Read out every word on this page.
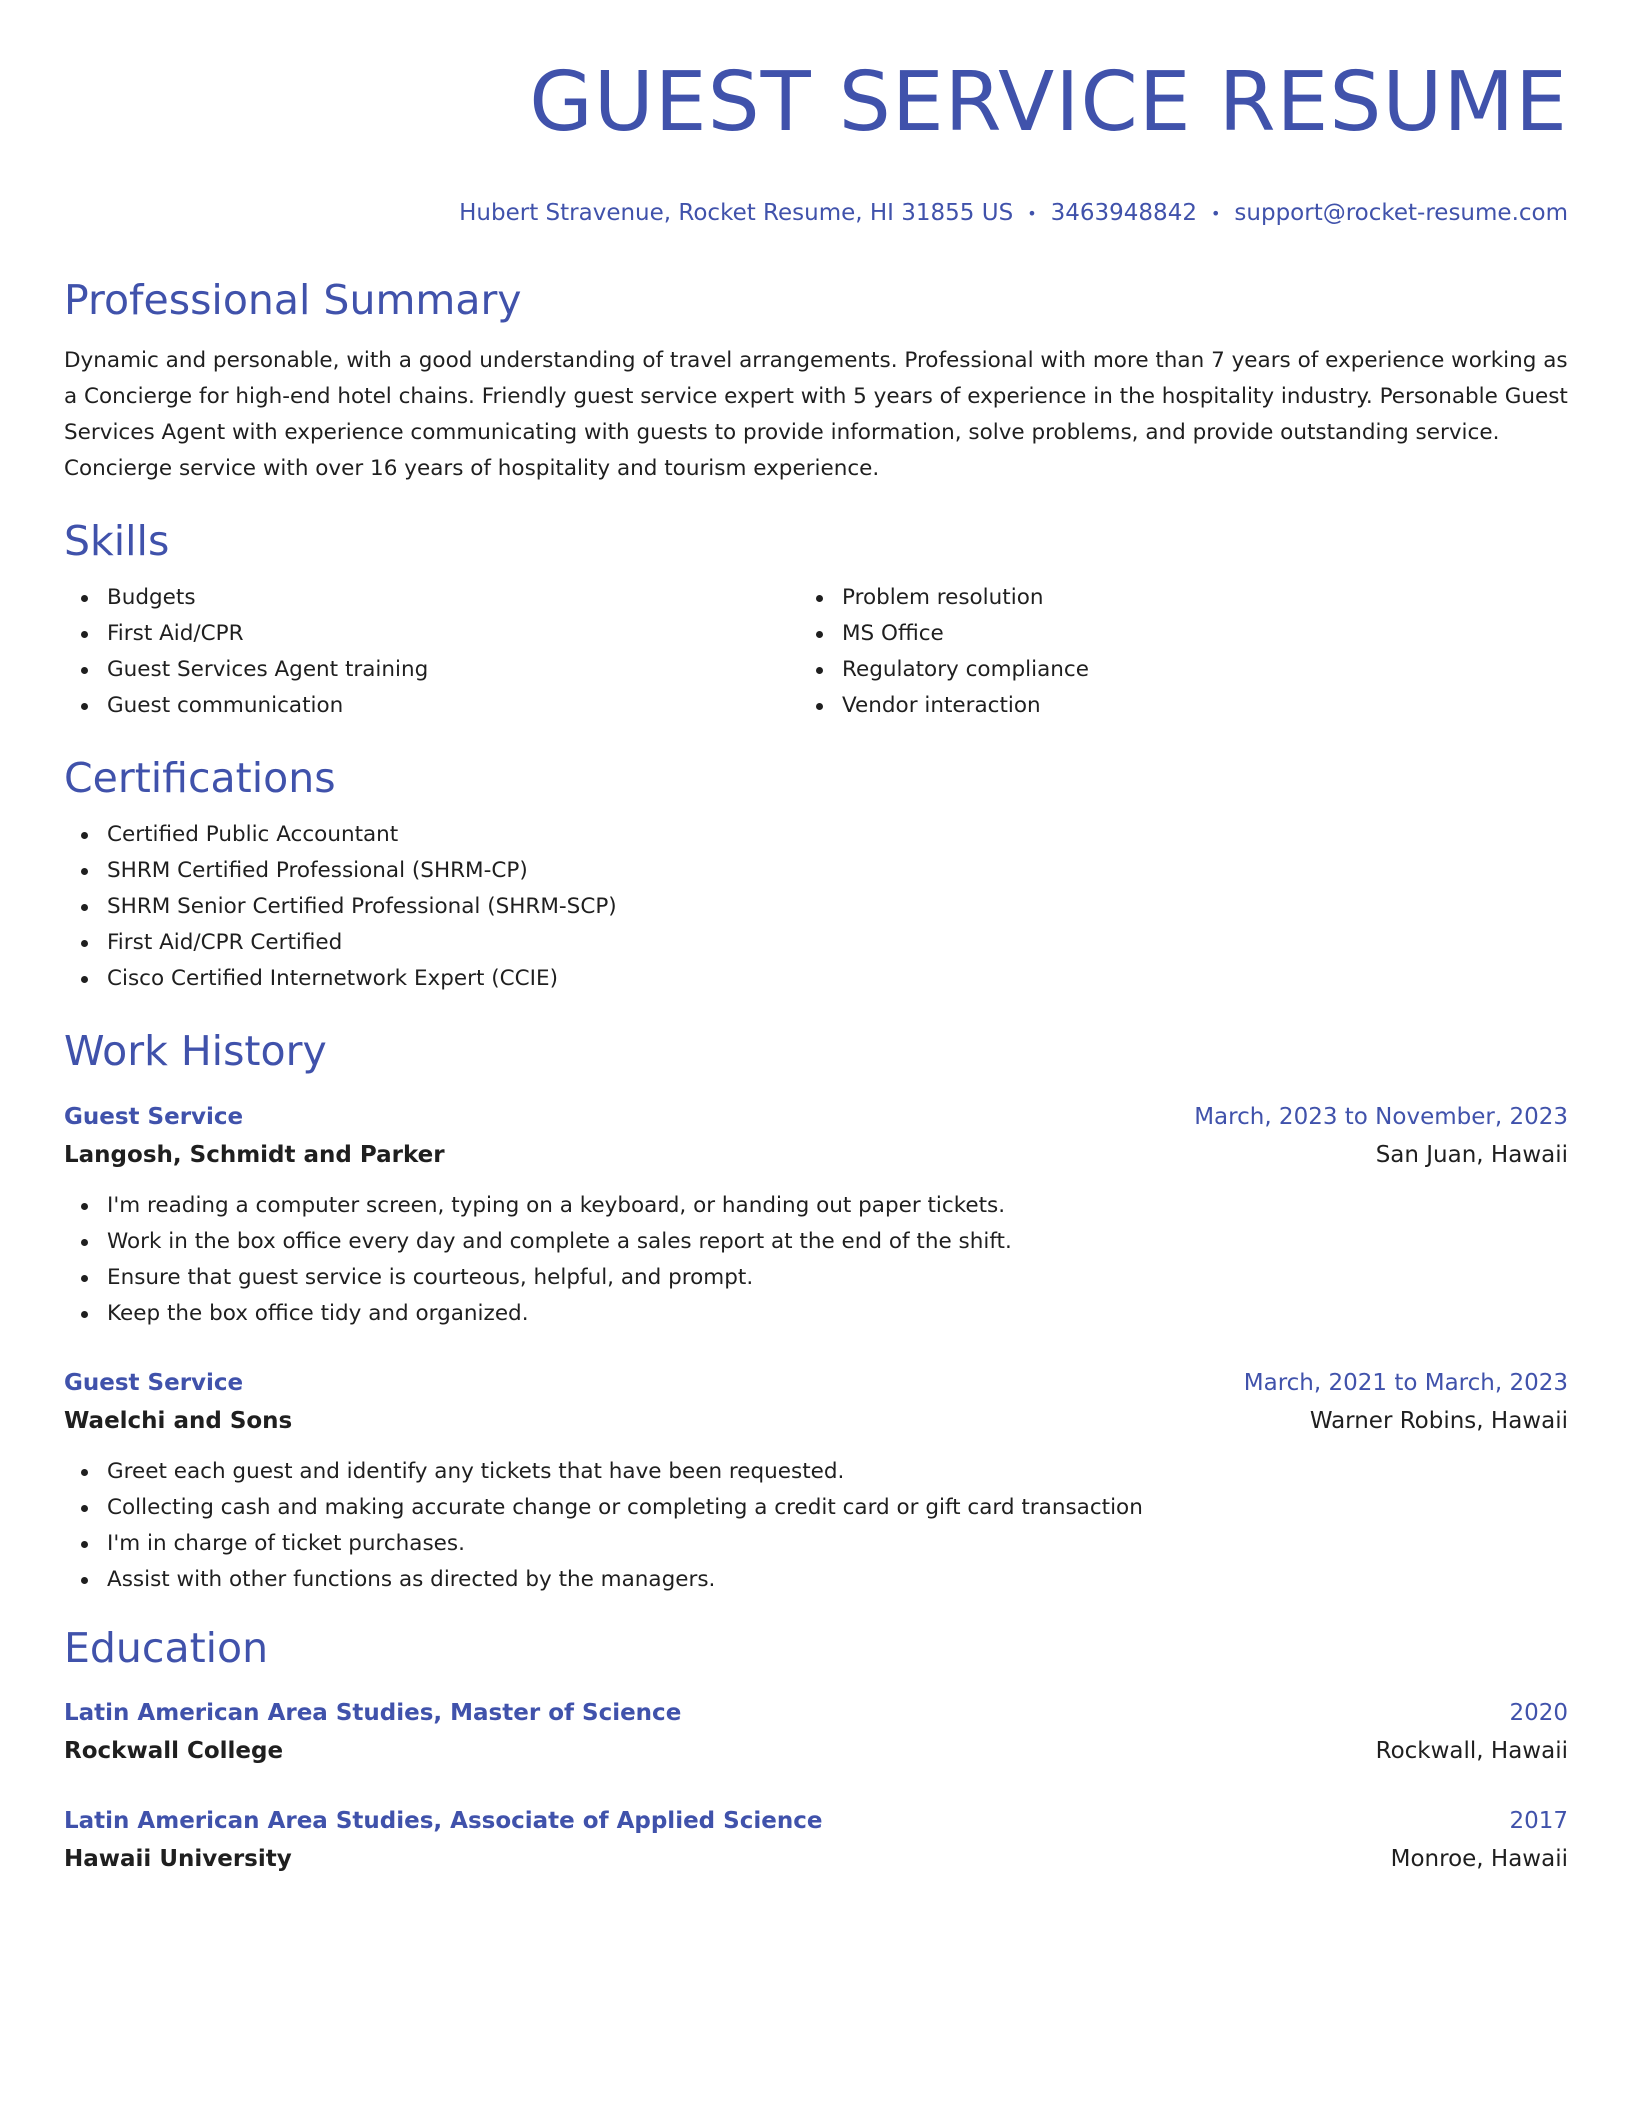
GUEST SERVICE RESUME
Hubert Stravenue, Rocket Resume, HI 31855 US • 3463948842 • support@rocket-resume.com
Professional Summary

Dynamic and personable, with a good understanding of travel arrangements. Professional with more than 7 years of experience working as a Concierge for high-end hotel chains. Friendly guest service expert with 5 years of experience in the hospitality industry. Personable Guest Services Agent with experience communicating with guests to provide information, solve problems, and provide outstanding service. Concierge service with over 16 years of hospitality and tourism experience.

Skills
Budgets
First Aid/CPR
Guest Services Agent training
Guest communication
Problem resolution
MS Office
Regulatory compliance
Vendor interaction
Certifications
Certified Public Accountant
SHRM Certified Professional (SHRM-CP)
SHRM Senior Certified Professional (SHRM-SCP)
First Aid/CPR Certified
Cisco Certified Internetwork Expert (CCIE)
Work History
Guest Service	March, 2023 to November, 2023
Langosh, Schmidt and Parker	San Juan, Hawaii
I'm reading a computer screen, typing on a keyboard, or handing out paper tickets.
Work in the box office every day and complete a sales report at the end of the shift.
Ensure that guest service is courteous, helpful, and prompt.
Keep the box office tidy and organized.
Guest Service	March, 2021 to March, 2023
Waelchi and Sons	Warner Robins, Hawaii
Greet each guest and identify any tickets that have been requested.
Collecting cash and making accurate change or completing a credit card or gift card transaction
I'm in charge of ticket purchases.
Assist with other functions as directed by the managers.
Education
Latin American Area Studies, Master of Science	2020
Rockwall College	Rockwall, Hawaii
Latin American Area Studies, Associate of Applied Science	2017
Hawaii University	Monroe, Hawaii
